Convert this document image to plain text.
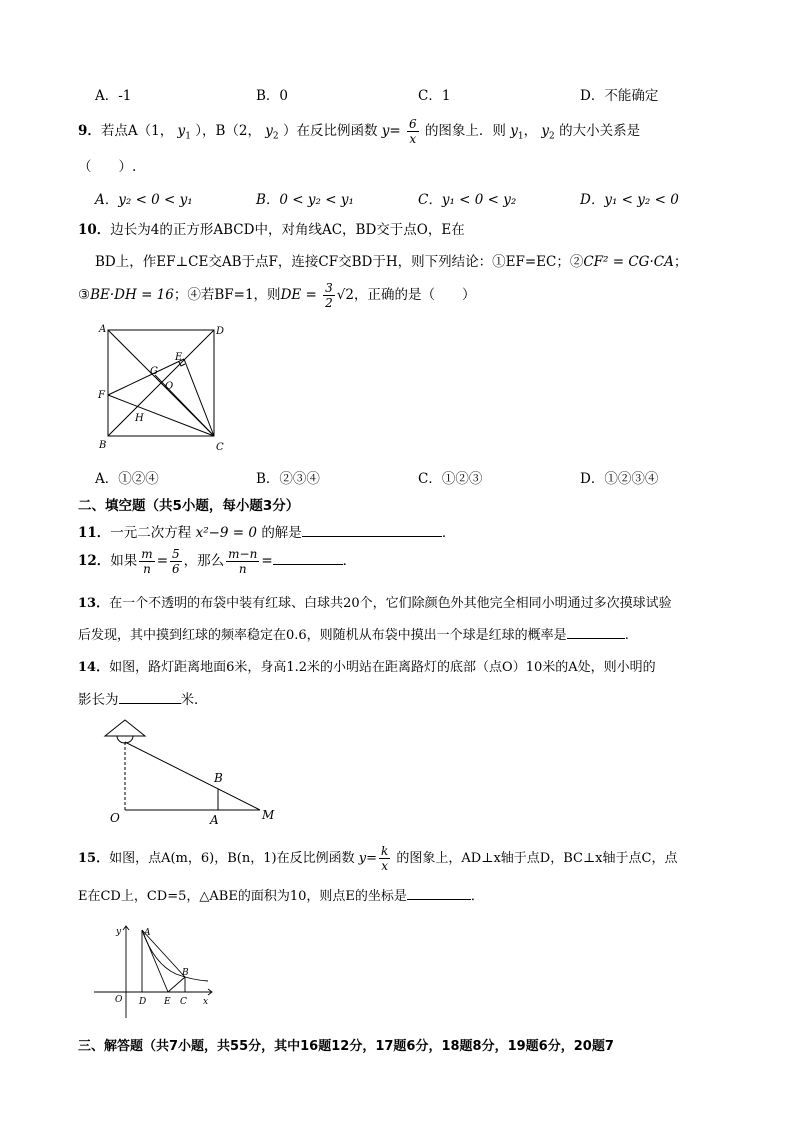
A．-1	B．0	C．1	D．不能确定
9．若点A（1， $y_1$ ），B（2， $y_2$ ）在反比例函数 $y= \frac{6}{x}$ 的图象上．则 $y_1$， $y_2$ 的大小关系是
（　　）.
A．y₂ < 0 < y₁	B．0 < y₂ < y₁	C．y₁ < 0 < y₂	D．y₁ < y₂ < 0
10．边长为4的正方形ABCD中，对角线AC，BD交于点O，E在
BD上，作EF⊥CE交AB于点F，连接CF交BD于H，则下列结论：①EF=EC；②CF² = CG·CA；
③BE·DH = 16；④若BF=1，则DE = $\frac{3}{2} √2$，正确的是（　　）
A	D
B	C
E
F
G
H
O
A．①②④	B．②③④	C．①②③	D．①②③④
二、填空题（共5小题，每小题3分）
11．一元二次方程 x²−9 = 0 的解是	．
12．如果 $\frac{m}{n} = \frac{5}{6}$ ，那么 $\frac{m-n}{n}$ =	．
13．在一个不透明的布袋中装有红球、白球共20个，它们除颜色外其他完全相同小明通过多次摸球试验
后发现，其中摸到红球的频率稳定在0.6，则随机从布袋中摸出一个球是红球的概率是	.
14．如图，路灯距离地面6米，身高1.2米的小明站在距离路灯的底部（点O）10米的A处，则小明的
影长为	米．
O	A
B
M
15．如图，点A(m，6)，B(n，1)在反比例函数 $y= \frac{k}{x}$ 的图象上，AD⊥x轴于点D，BC⊥x轴于点C，点
E在CD上，CD=5，△ABE的面积为10，则点E的坐标是	．
y
x
O
A
B
D E C
三、解答题（共7小题，共55分，其中16题12分，17题6分，18题8分，19题6分，20题7
